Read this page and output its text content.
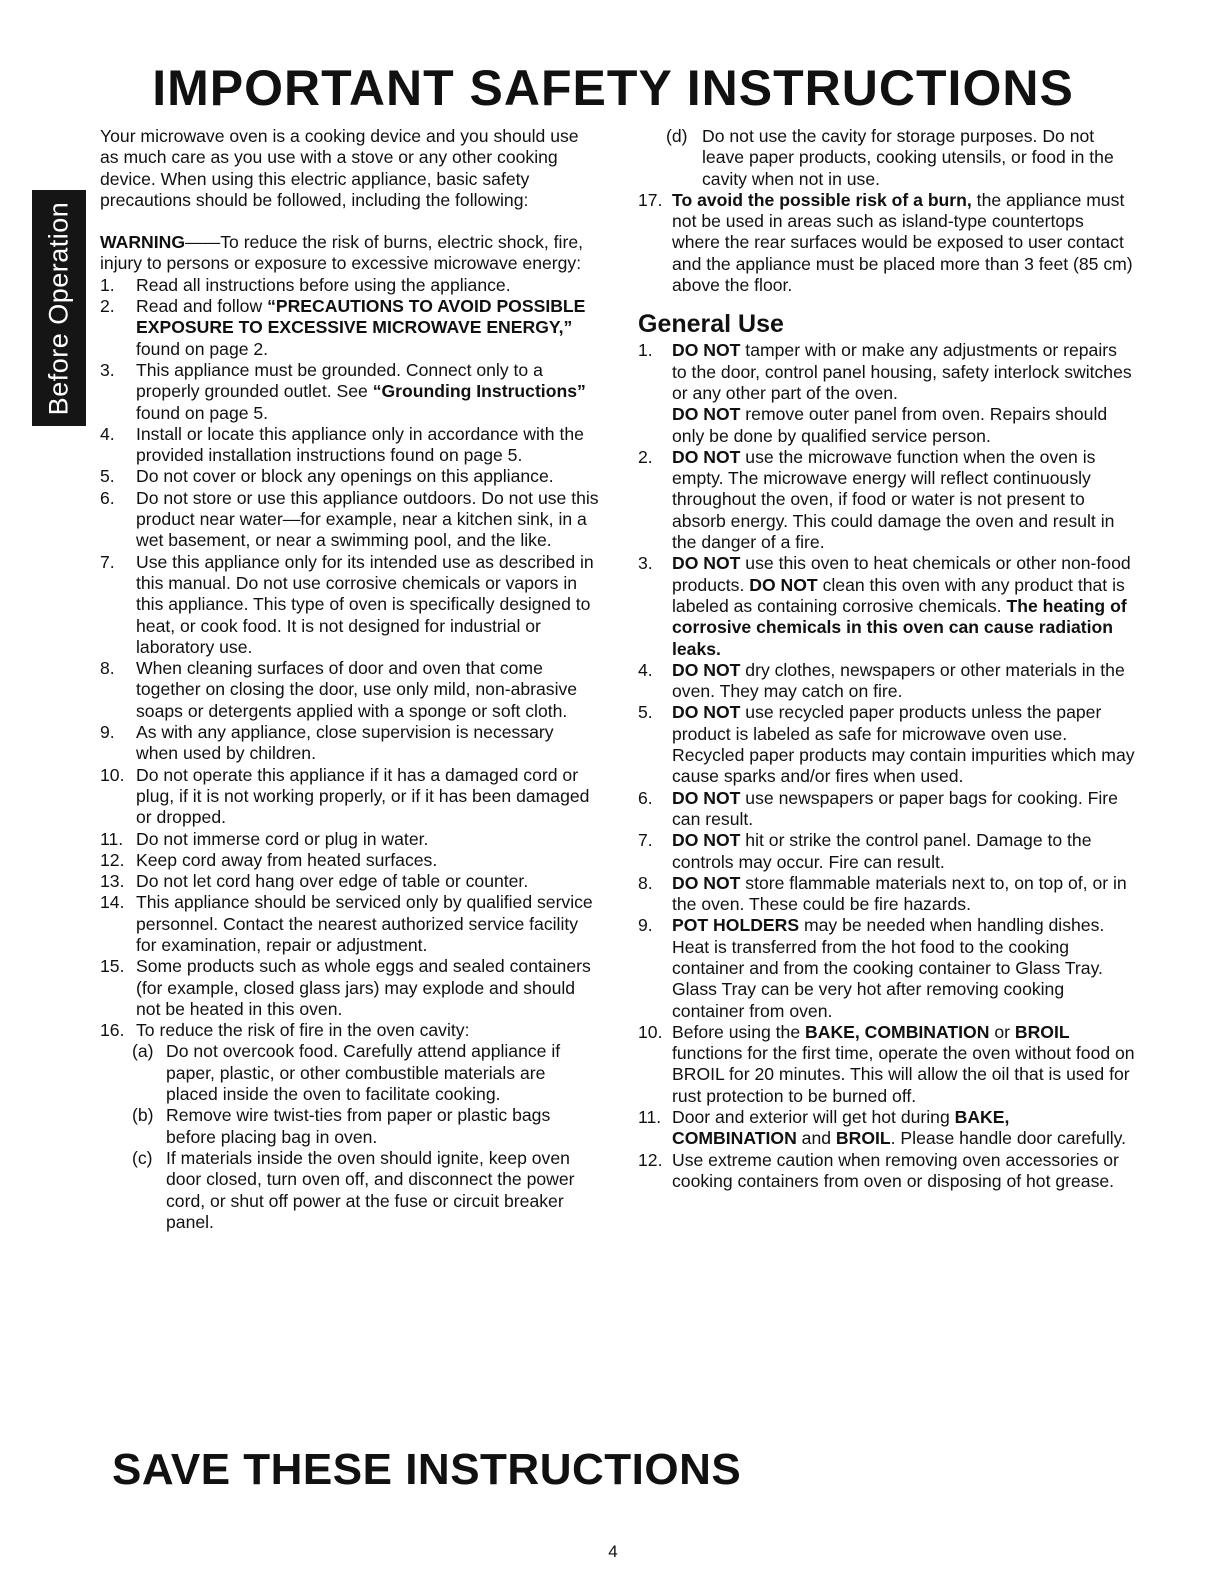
IMPORTANT SAFETY INSTRUCTIONS
Before Operation

Your microwave oven is a cooking device and you should use as much care as you use with a stove or any other cooking device. When using this electric appliance, basic safety precautions should be followed, including the following:

WARNING——To reduce the risk of burns, electric shock, fire, injury to persons or exposure to excessive microwave energy:

1.	Read all instructions before using the appliance.
2.	Read and follow “PRECAUTIONS TO AVOID POSSIBLE EXPOSURE TO EXCESSIVE MICROWAVE ENERGY,” found on page 2.
3.	This appliance must be grounded. Connect only to a properly grounded outlet. See “Grounding Instructions” found on page 5.
4.	Install or locate this appliance only in accordance with the provided installation instructions found on page 5.
5.	Do not cover or block any openings on this appliance.
6.	Do not store or use this appliance outdoors. Do not use this product near water—for example, near a kitchen sink, in a wet basement, or near a swimming pool, and the like.
7.	Use this appliance only for its intended use as described in this manual. Do not use corrosive chemicals or vapors in this appliance. This type of oven is specifically designed to heat, or cook food. It is not designed for industrial or laboratory use.
8.	When cleaning surfaces of door and oven that come together on closing the door, use only mild, non-abrasive soaps or detergents applied with a sponge or soft cloth.
9.	As with any appliance, close supervision is necessary when used by children.
10. Do not operate this appliance if it has a damaged cord or plug, if it is not working properly, or if it has been damaged or dropped.
11. Do not immerse cord or plug in water.
12. Keep cord away from heated surfaces.
13. Do not let cord hang over edge of table or counter.
14. This appliance should be serviced only by qualified service personnel. Contact the nearest authorized service facility for examination, repair or adjustment.
15. Some products such as whole eggs and sealed containers (for example, closed glass jars) may explode and should not be heated in this oven.
16. To reduce the risk of fire in the oven cavity:
(a) Do not overcook food. Carefully attend appliance if paper, plastic, or other combustible materials are placed inside the oven to facilitate cooking.
(b) Remove wire twist-ties from paper or plastic bags before placing bag in oven.
(c) If materials inside the oven should ignite, keep oven door closed, turn oven off, and disconnect the power cord, or shut off power at the fuse or circuit breaker panel.
(d) Do not use the cavity for storage purposes. Do not leave paper products, cooking utensils, or food in the cavity when not in use.
17. To avoid the possible risk of a burn, the appliance must not be used in areas such as island-type countertops where the rear surfaces would be exposed to user contact and the appliance must be placed more than 3 feet (85 cm) above the floor.
General Use
1.	DO NOT tamper with or make any adjustments or repairs to the door, control panel housing, safety interlock switches or any other part of the oven.
DO NOT remove outer panel from oven. Repairs should only be done by qualified service person.
2.	DO NOT use the microwave function when the oven is empty. The microwave energy will reflect continuously throughout the oven, if food or water is not present to absorb energy. This could damage the oven and result in the danger of a fire.
3.	DO NOT use this oven to heat chemicals or other non-food products. DO NOT clean this oven with any product that is labeled as containing corrosive chemicals. The heating of corrosive chemicals in this oven can cause radiation leaks.
4.	DO NOT dry clothes, newspapers or other materials in the oven. They may catch on fire.
5.	DO NOT use recycled paper products unless the paper product is labeled as safe for microwave oven use. Recycled paper products may contain impurities which may cause sparks and/or fires when used.
6.	DO NOT use newspapers or paper bags for cooking. Fire can result.
7.	DO NOT hit or strike the control panel. Damage to the controls may occur. Fire can result.
8.	DO NOT store flammable materials next to, on top of, or in the oven. These could be fire hazards.
9.	POT HOLDERS may be needed when handling dishes. Heat is transferred from the hot food to the cooking container and from the cooking container to Glass Tray. Glass Tray can be very hot after removing cooking container from oven.
10. Before using the BAKE, COMBINATION or BROIL functions for the first time, operate the oven without food on BROIL for 20 minutes. This will allow the oil that is used for rust protection to be burned off.
11. Door and exterior will get hot during BAKE, COMBINATION and BROIL. Please handle door carefully.
12. Use extreme caution when removing oven accessories or cooking containers from oven or disposing of hot grease.
SAVE THESE INSTRUCTIONS
4
